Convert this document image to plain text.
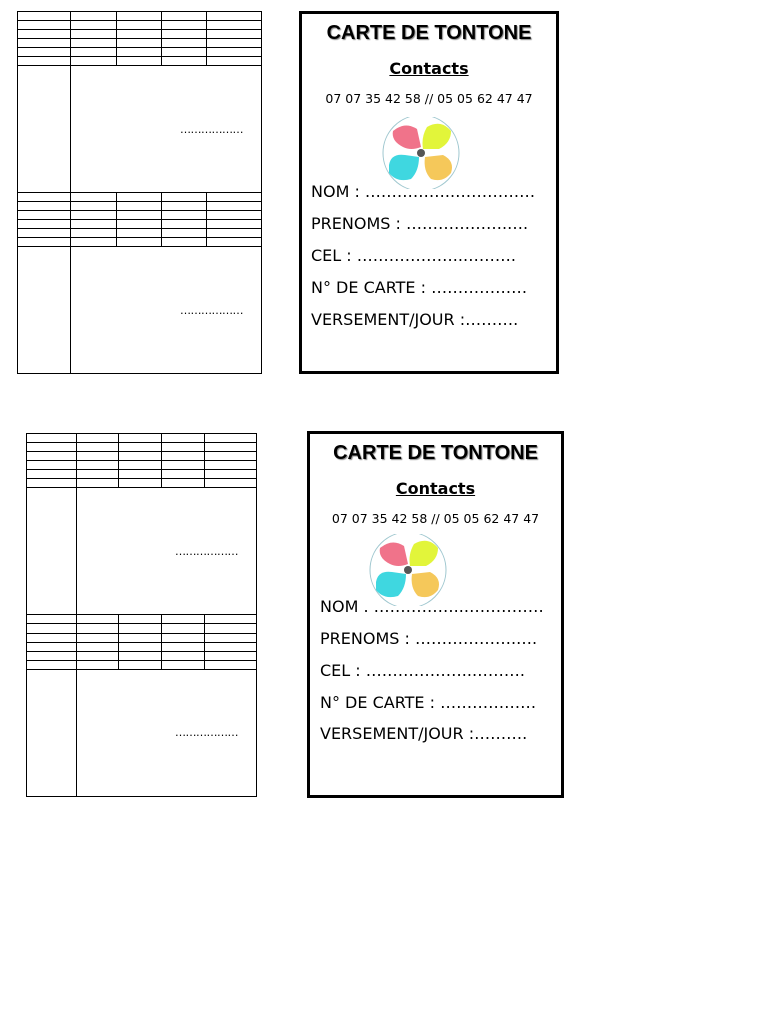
	………………			

	………………			
CARTE DE TONTONE
Contacts
07 07 35 42 58 // 05 05 62 47 47
NOM : ……………..……………
PRENOMS : ……………….….
CEL : ………………..……….
N° DE CARTE : ………………
VERSEMENT/JOUR :……….

	………………			

	………………			
CARTE DE TONTONE
Contacts
07 07 35 42 58 // 05 05 62 47 47
NOM . ……………..……………
PRENOMS : ……………….….
CEL : ………………..……….
N° DE CARTE : ………………
VERSEMENT/JOUR :……….
